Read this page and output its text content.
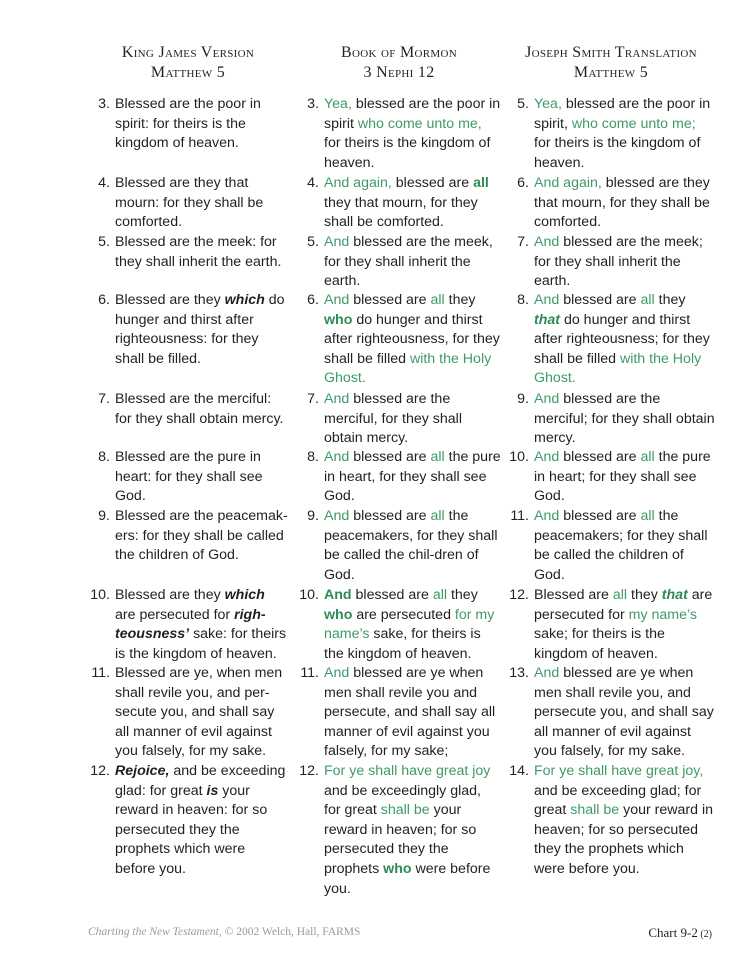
King James Version
Matthew 5
3. Blessed are the poor in spirit: for theirs is the kingdom of heaven.
4. Blessed are they that mourn: for they shall be comforted.
5. Blessed are the meek: for they shall inherit the earth.
6. Blessed are they which do hunger and thirst after righteousness: for they shall be filled.
7. Blessed are the merciful: for they shall obtain mercy.
8. Blessed are the pure in heart: for they shall see God.
9. Blessed are the peacemak-ers: for they shall be called the children of God.
10. Blessed are they which are persecuted for righ-teousness’ sake: for theirs is the kingdom of heaven.
11. Blessed are ye, when men shall revile you, and per-secute you, and shall say all manner of evil against you falsely, for my sake.
12. Rejoice, and be exceeding glad: for great is your reward in heaven: for so persecuted they the prophets which were before you.
Book of Mormon
3 Nephi 12
3. Yea, blessed are the poor in spirit who come unto me, for theirs is the kingdom of heaven.
4. And again, blessed are all they that mourn, for they shall be comforted.
5. And blessed are the meek, for they shall inherit the earth.
6. And blessed are all they who do hunger and thirst after righteousness, for they shall be filled with the Holy Ghost.
7. And blessed are the merciful, for they shall obtain mercy.
8. And blessed are all the pure in heart, for they shall see God.
9. And blessed are all the peacemakers, for they shall be called the chil-dren of God.
10. And blessed are all they who are persecuted for my name’s sake, for theirs is the kingdom of heaven.
11. And blessed are ye when men shall revile you and persecute, and shall say all manner of evil against you falsely, for my sake;
12. For ye shall have great joy and be exceedingly glad, for great shall be your reward in heaven; for so persecuted they the prophets who were before you.
Joseph Smith Translation
Matthew 5
5. Yea, blessed are the poor in spirit, who come unto me; for theirs is the kingdom of heaven.
6. And again, blessed are they that mourn, for they shall be comforted.
7. And blessed are the meek; for they shall inherit the earth.
8. And blessed are all they that do hunger and thirst after righteousness; for they shall be filled with the Holy Ghost.
9. And blessed are the merciful; for they shall obtain mercy.
10. And blessed are all the pure in heart; for they shall see God.
11. And blessed are all the peacemakers; for they shall be called the children of God.
12. Blessed are all they that are persecuted for my name’s sake; for theirs is the kingdom of heaven.
13. And blessed are ye when men shall revile you, and persecute you, and shall say all manner of evil against you falsely, for my sake.
14. For ye shall have great joy, and be exceeding glad; for great shall be your reward in heaven; for so persecuted they the prophets which were before you.
Charting the New Testament, © 2002 Welch, Hall, FARMS	Chart 9-2 (2)
